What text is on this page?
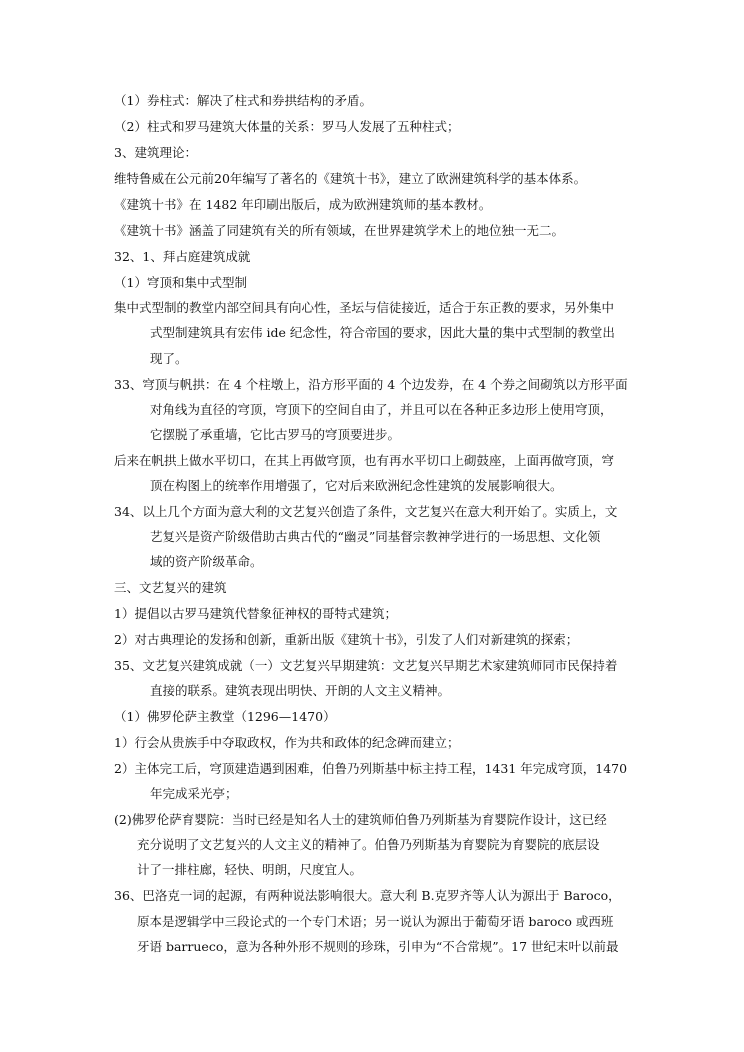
（1）券柱式：解决了柱式和券拱结构的矛盾。
（2）柱式和罗马建筑大体量的关系：罗马人发展了五种柱式；
3、建筑理论：
维特鲁威在公元前20年编写了著名的《建筑十书》，建立了欧洲建筑科学的基本体系。
《建筑十书》在 1482 年印刷出版后，成为欧洲建筑师的基本教材。
《建筑十书》涵盖了同建筑有关的所有领域，在世界建筑学术上的地位独一无二。
32、1、拜占庭建筑成就
（1）穹顶和集中式型制
集中式型制的教堂内部空间具有向心性，圣坛与信徒接近，适合于东正教的要求，另外集中
式型制建筑具有宏伟 ide 纪念性，符合帝国的要求，因此大量的集中式型制的教堂出
现了。
33、穹顶与帆拱：在 4 个柱墩上，沿方形平面的 4 个边发券，在 4 个券之间砌筑以方形平面
对角线为直径的穹顶，穹顶下的空间自由了，并且可以在各种正多边形上使用穹顶，
它摆脱了承重墙，它比古罗马的穹顶要进步。
后来在帆拱上做水平切口，在其上再做穹顶，也有再水平切口上砌鼓座，上面再做穹顶，穹
顶在构图上的统率作用增强了，它对后来欧洲纪念性建筑的发展影响很大。
34、以上几个方面为意大利的文艺复兴创造了条件，文艺复兴在意大利开始了。实质上，文
艺复兴是资产阶级借助古典古代的“幽灵”同基督宗教神学进行的一场思想、文化领
域的资产阶级革命。
三、文艺复兴的建筑
1）提倡以古罗马建筑代替象征神权的哥特式建筑；
2）对古典理论的发扬和创新，重新出版《建筑十书》，引发了人们对新建筑的探索；
35、文艺复兴建筑成就（一）文艺复兴早期建筑：文艺复兴早期艺术家建筑师同市民保持着
直接的联系。建筑表现出明快、开朗的人文主义精神。
（1）佛罗伦萨主教堂（1296—1470）
1）行会从贵族手中夺取政权，作为共和政体的纪念碑而建立；
2）主体完工后，穹顶建造遇到困难，伯鲁乃列斯基中标主持工程，1431 年完成穹顶，1470
年完成采光亭；
(2)佛罗伦萨育婴院：当时已经是知名人士的建筑师伯鲁乃列斯基为育婴院作设计，这已经
充分说明了文艺复兴的人文主义的精神了。伯鲁乃列斯基为育婴院为育婴院的底层设
计了一排柱廊，轻快、明朗，尺度宜人。
36、巴洛克一词的起源，有两种说法影响很大。意大利 B.克罗齐等人认为源出于 Baroco，
原本是逻辑学中三段论式的一个专门术语；另一说认为源出于葡萄牙语 baroco 或西班
牙语 barrueco，意为各种外形不规则的珍珠，引申为“不合常规”。17 世纪末叶以前最
